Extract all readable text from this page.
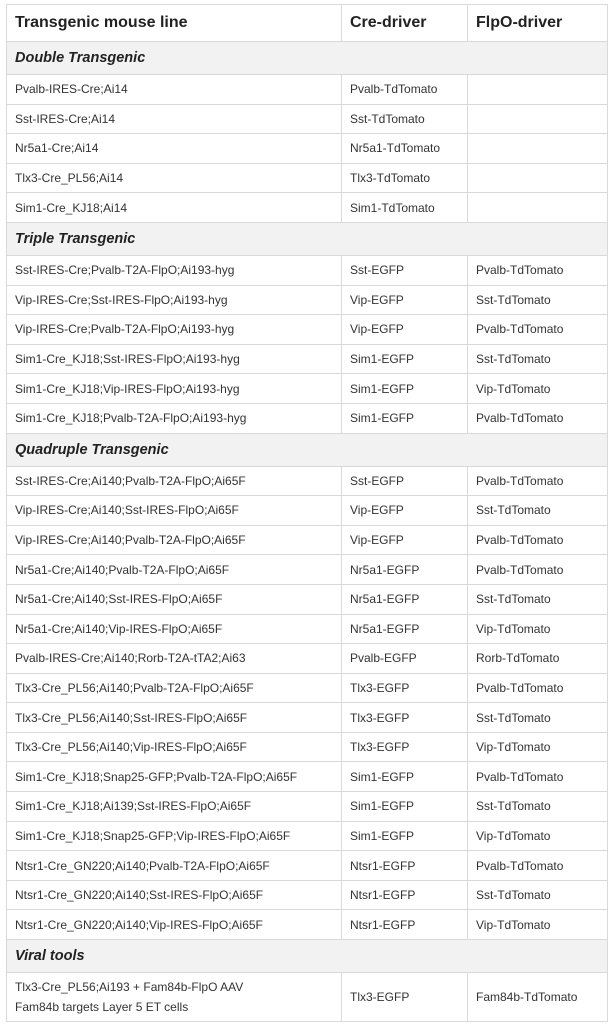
Transgenic mouse line	Cre-driver	FlpO-driver
Double Transgenic		
Pvalb-IRES-Cre;Ai14	Pvalb-TdTomato	
Sst-IRES-Cre;Ai14	Sst-TdTomato	
Nr5a1-Cre;Ai14	Nr5a1-TdTomato	
Tlx3-Cre_PL56;Ai14	Tlx3-TdTomato	
Sim1-Cre_KJ18;Ai14	Sim1-TdTomato	
Triple Transgenic		
Sst-IRES-Cre;Pvalb-T2A-FlpO;Ai193-hyg	Sst-EGFP	Pvalb-TdTomato
Vip-IRES-Cre;Sst-IRES-FlpO;Ai193-hyg	Vip-EGFP	Sst-TdTomato
Vip-IRES-Cre;Pvalb-T2A-FlpO;Ai193-hyg	Vip-EGFP	Pvalb-TdTomato
Sim1-Cre_KJ18;Sst-IRES-FlpO;Ai193-hyg	Sim1-EGFP	Sst-TdTomato
Sim1-Cre_KJ18;Vip-IRES-FlpO;Ai193-hyg	Sim1-EGFP	Vip-TdTomato
Sim1-Cre_KJ18;Pvalb-T2A-FlpO;Ai193-hyg	Sim1-EGFP	Pvalb-TdTomato
Quadruple Transgenic		
Sst-IRES-Cre;Ai140;Pvalb-T2A-FlpO;Ai65F	Sst-EGFP	Pvalb-TdTomato
Vip-IRES-Cre;Ai140;Sst-IRES-FlpO;Ai65F	Vip-EGFP	Sst-TdTomato
Vip-IRES-Cre;Ai140;Pvalb-T2A-FlpO;Ai65F	Vip-EGFP	Pvalb-TdTomato
Nr5a1-Cre;Ai140;Pvalb-T2A-FlpO;Ai65F	Nr5a1-EGFP	Pvalb-TdTomato
Nr5a1-Cre;Ai140;Sst-IRES-FlpO;Ai65F	Nr5a1-EGFP	Sst-TdTomato
Nr5a1-Cre;Ai140;Vip-IRES-FlpO;Ai65F	Nr5a1-EGFP	Vip-TdTomato
Pvalb-IRES-Cre;Ai140;Rorb-T2A-tTA2;Ai63	Pvalb-EGFP	Rorb-TdTomato
Tlx3-Cre_PL56;Ai140;Pvalb-T2A-FlpO;Ai65F	Tlx3-EGFP	Pvalb-TdTomato
Tlx3-Cre_PL56;Ai140;Sst-IRES-FlpO;Ai65F	Tlx3-EGFP	Sst-TdTomato
Tlx3-Cre_PL56;Ai140;Vip-IRES-FlpO;Ai65F	Tlx3-EGFP	Vip-TdTomato
Sim1-Cre_KJ18;Snap25-GFP;Pvalb-T2A-FlpO;Ai65F	Sim1-EGFP	Pvalb-TdTomato
Sim1-Cre_KJ18;Ai139;Sst-IRES-FlpO;Ai65F	Sim1-EGFP	Sst-TdTomato
Sim1-Cre_KJ18;Snap25-GFP;Vip-IRES-FlpO;Ai65F	Sim1-EGFP	Vip-TdTomato
Ntsr1-Cre_GN220;Ai140;Pvalb-T2A-FlpO;Ai65F	Ntsr1-EGFP	Pvalb-TdTomato
Ntsr1-Cre_GN220;Ai140;Sst-IRES-FlpO;Ai65F	Ntsr1-EGFP	Sst-TdTomato
Ntsr1-Cre_GN220;Ai140;Vip-IRES-FlpO;Ai65F	Ntsr1-EGFP	Vip-TdTomato
Viral tools		

Tlx3-Cre_PL56;Ai193 + Fam84b-FlpO AAV
Fam84b targets Layer 5 ET cells	Tlx3-EGFP	Fam84b-TdTomato
